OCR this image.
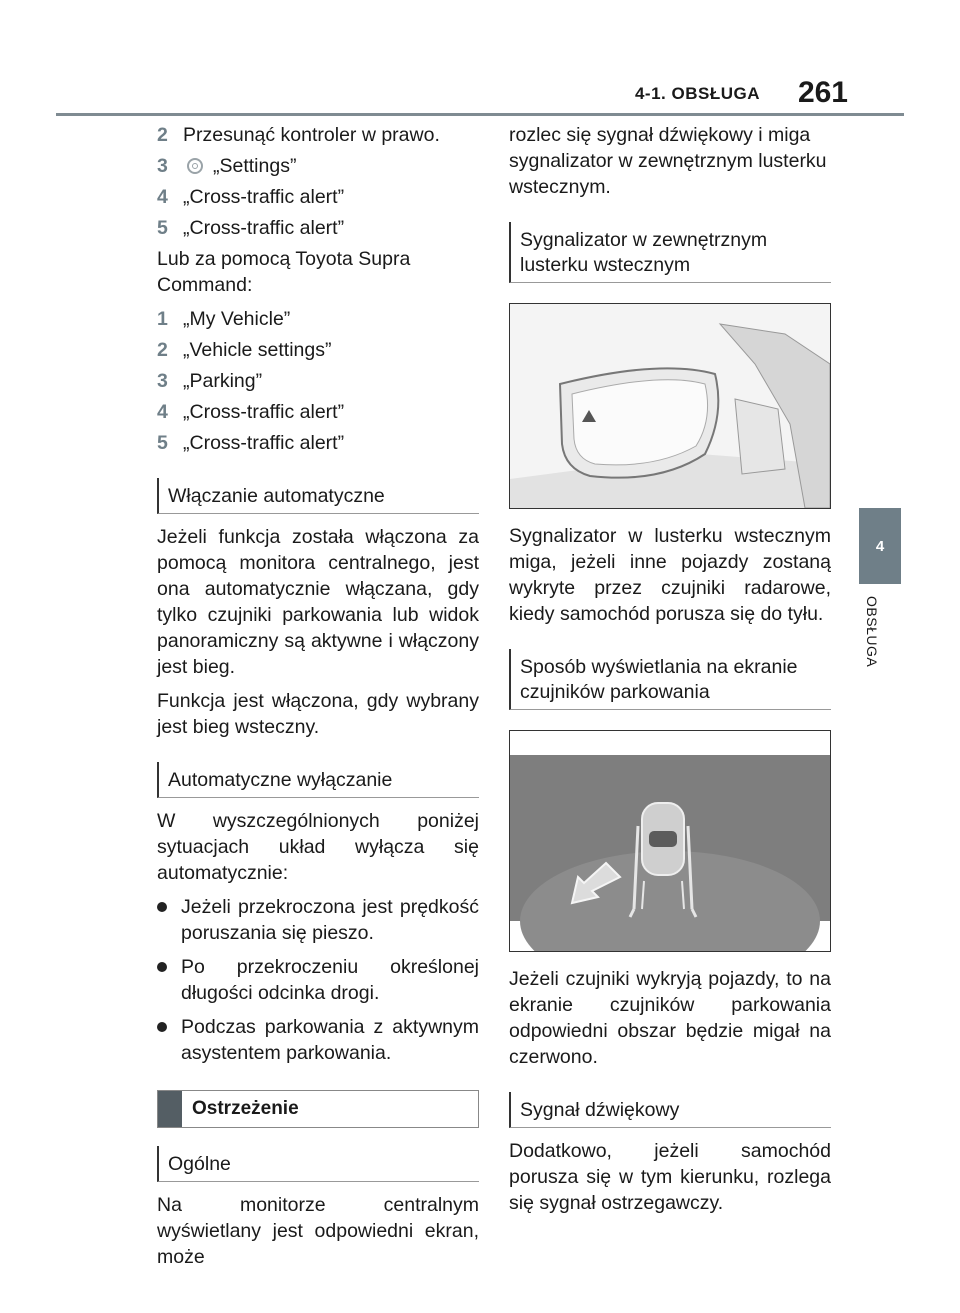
4-1. OBSŁUGA 261
4
OBSŁUGA
2 Przesunąć kontroler w prawo.
3	„Settings”
4 „Cross-traffic alert”
5 „Cross-traffic alert”

Lub za pomocą Toyota Supra Command:

1 „My Vehicle”
2 „Vehicle settings”
3 „Parking”
4 „Cross-traffic alert”
5 „Cross-traffic alert”
Włączanie automatyczne

Jeżeli funkcja została włączona za pomocą monitora centralnego, jest ona automatycznie włączana, gdy tylko czujniki parkowania lub widok panoramiczny są aktywne i włączony jest bieg.

Funkcja jest włączona, gdy wybrany jest bieg wsteczny.

Automatyczne wyłączanie

W wyszczególnionych poniżej sytuacjach układ wyłącza się automatycznie:

Jeżeli przekroczona jest prędkość poruszania się pieszo.
Po przekroczeniu określonej długości odcinka drogi.
Podczas parkowania z aktywnym asystentem parkowania.
Ostrzeżenie
Ogólne

Na monitorze centralnym wyświetlany jest odpowiedni ekran, może

rozlec się sygnał dźwiękowy i miga sygnalizator w zewnętrznym lusterku wstecznym.

Sygnalizator w zewnętrznym lusterku wstecznym

Sygnalizator w lusterku wstecznym miga, jeżeli inne pojazdy zostaną wykryte przez czujniki radarowe, kiedy samochód porusza się do tyłu.

Sposób wyświetlania na ekranie czujników parkowania

Jeżeli czujniki wykryją pojazdy, to na ekranie czujników parkowania odpowiedni obszar będzie migał na czerwono.

Sygnał dźwiękowy

Dodatkowo, jeżeli samochód porusza się w tym kierunku, rozlega się sygnał ostrzegawczy.
